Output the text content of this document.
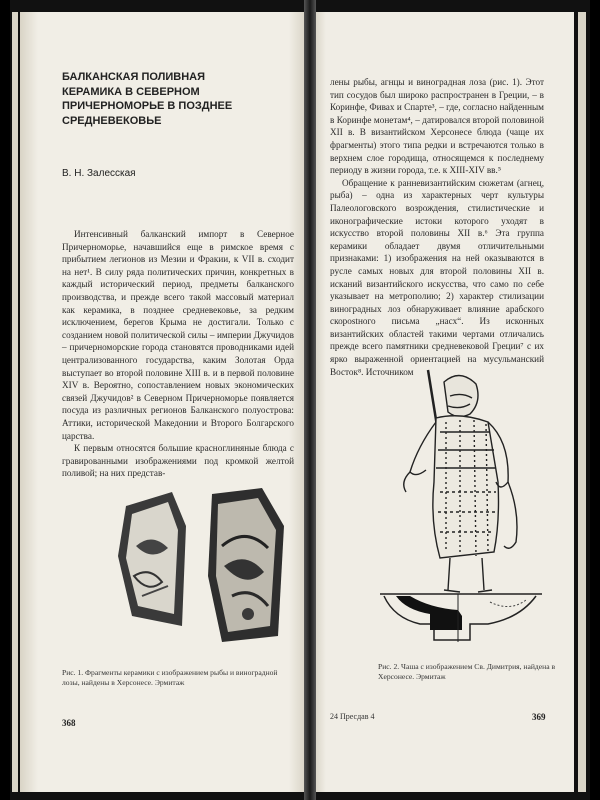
БАЛКАНСКАЯ ПОЛИВНАЯ КЕРАМИКА В СЕВЕРНОМ ПРИЧЕРНОМОРЬЕ В ПОЗДНЕЕ СРЕДНЕВЕКОВЬЕ
В. Н. Залесская

Интенсивный балканский импорт в Северное Причерноморье, начавшийся еще в римское время с прибытием легионов из Мезии и Фракии, к VII в. сходит на нет¹. В силу ряда политических причин, конкретных в каждый исторический период, предметы балканского производства, и прежде всего такой массовый материал как керамика, в позднее средневековье, за редким исключением, берегов Крыма не достигали. Только с созданием новой политической силы – империи Джучидов – причерноморские города становятся проводниками идей централизованного государства, каким Золотая Орда выступает во второй половине XIII в. и в первой половине XIV в. Вероятно, сопоставлением новых экономических связей Джучидов² в Северном Причерноморье появляется посуда из различных регионов Балканского полуострова: Аттики, исторической Македонии и Второго Болгарского царства.

К первым относятся большие краснoглиняные блюда с гравированными изображениями под кромкой желтой поливой; на них представ-

Рис. 1. Фрагменты керамики с изображением рыбы и виноградной лозы, найдены в Херсонесе. Эрмитаж

368

лены рыбы, агнцы и виноградная лоза (рис. 1). Этот тип сосудов был широко распространен в Греции, – в Коринфе, Фивах и Спарте³, – где, согласно найденным в Коринфе монетам⁴, – датировался второй половиной XII в. В византийском Херсонесе блюда (чаще их фрагменты) этого типа редки и встречаются только в верхнем слое городища, относящемся к последнему периоду в жизни города, т.е. к XIII-XIV вв.⁵

Обращение к ранневизантийским сюжетам (агнец, рыба) – одна из характерных черт культуры Палеологовского возрождения, стилистические и иконографические истоки которого уходят в искусство второй половины XII в.⁶ Эта группа керамики обладает двумя отличительными признаками: 1) изображения на ней оказываются в русле самых новых для второй половины XII в. исканий византийского искусства, что само по себе указывает на метрополию; 2) характер стилизации виноградных лоз обнаруживает влияние арабского скорostного письма „насх“. Из исконных византийских областей такими чертами отличались прежде всего памятники средневековой Греции⁷ с их ярко выраженной ориентацией на мусульманский Восток⁸. Источником

Рис. 2. Чаша с изображением Св. Димитрия, найдена в Херсонесе. Эрмитаж

24 Пресдав 4	369
